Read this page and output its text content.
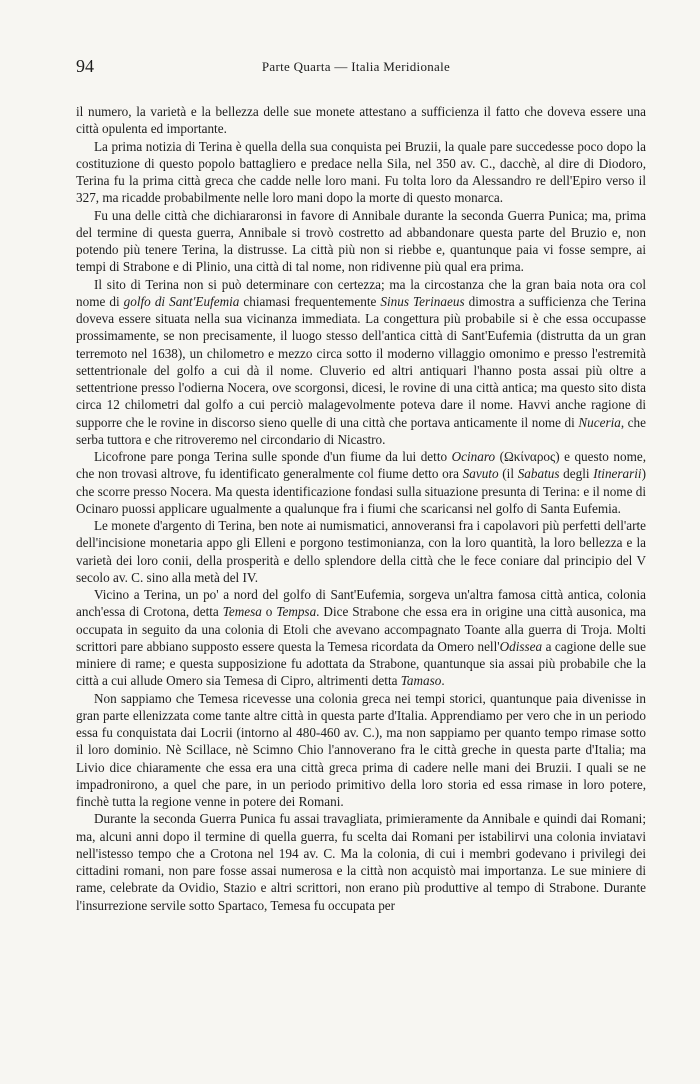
94	Parte Quarta — Italia Meridionale

il numero, la varietà e la bellezza delle sue monete attestano a sufficienza il fatto che doveva essere una città opulenta ed importante.

La prima notizia di Terina è quella della sua conquista pei Bruzii, la quale pare succedesse poco dopo la costituzione di questo popolo battagliero e predace nella Sila, nel 350 av. C., dacchè, al dire di Diodoro, Terina fu la prima città greca che cadde nelle loro mani. Fu tolta loro da Alessandro re dell'Epiro verso il 327, ma ricadde probabilmente nelle loro mani dopo la morte di questo monarca.

Fu una delle città che dichiararonsi in favore di Annibale durante la seconda Guerra Punica; ma, prima del termine di questa guerra, Annibale si trovò costretto ad abbandonare questa parte del Bruzio e, non potendo più tenere Terina, la distrusse. La città più non si riebbe e, quantunque paia vi fosse sempre, ai tempi di Strabone e di Plinio, una città di tal nome, non ridivenne più qual era prima.

Il sito di Terina non si può determinare con certezza; ma la circostanza che la gran baia nota ora col nome di golfo di Sant'Eufemia chiamasi frequentemente Sinus Terinaeus dimostra a sufficienza che Terina doveva essere situata nella sua vicinanza immediata. La congettura più probabile si è che essa occupasse prossimamente, se non precisamente, il luogo stesso dell'antica città di Sant'Eufemia (distrutta da un gran terremoto nel 1638), un chilometro e mezzo circa sotto il moderno villaggio omonimo e presso l'estremità settentrionale del golfo a cui dà il nome. Cluverio ed altri antiquari l'hanno posta assai più oltre a settentrione presso l'odierna Nocera, ove scorgonsi, dicesi, le rovine di una città antica; ma questo sito dista circa 12 chilometri dal golfo a cui perciò malagevolmente poteva dare il nome. Havvi anche ragione di supporre che le rovine in discorso sieno quelle di una città che portava anticamente il nome di Nuceria, che serba tuttora e che ritroveremo nel circondario di Nicastro.

Licofrone pare ponga Terina sulle sponde d'un fiume da lui detto Ocinaro (Ωκίναρος) e questo nome, che non trovasi altrove, fu identificato generalmente col fiume detto ora Savuto (il Sabatus degli Itinerarii) che scorre presso Nocera. Ma questa identificazione fondasi sulla situazione presunta di Terina: e il nome di Ocinaro puossi applicare ugualmente a qualunque fra i fiumi che scaricansi nel golfo di Santa Eufemia.

Le monete d'argento di Terina, ben note ai numismatici, annoveransi fra i capolavori più perfetti dell'arte dell'incisione monetaria appo gli Elleni e porgono testimonianza, con la loro quantità, la loro bellezza e la varietà dei loro conii, della prosperità e dello splendore della città che le fece coniare dal principio del V secolo av. C. sino alla metà del IV.

Vicino a Terina, un po' a nord del golfo di Sant'Eufemia, sorgeva un'altra famosa città antica, colonia anch'essa di Crotona, detta Temesa o Tempsa. Dice Strabone che essa era in origine una città ausonica, ma occupata in seguito da una colonia di Etoli che avevano accompagnato Toante alla guerra di Troja. Molti scrittori pare abbiano supposto essere questa la Temesa ricordata da Omero nell'Odissea a cagione delle sue miniere di rame; e questa supposizione fu adottata da Strabone, quantunque sia assai più probabile che la città a cui allude Omero sia Temesa di Cipro, altrimenti detta Tamaso.

Non sappiamo che Temesa ricevesse una colonia greca nei tempi storici, quantunque paia divenisse in gran parte ellenizzata come tante altre città in questa parte d'Italia. Apprendiamo per vero che in un periodo essa fu conquistata dai Locrii (intorno al 480-460 av. C.), ma non sappiamo per quanto tempo rimase sotto il loro dominio. Nè Scillace, nè Scimno Chio l'annoverano fra le città greche in questa parte d'Italia; ma Livio dice chiaramente che essa era una città greca prima di cadere nelle mani dei Bruzii. I quali se ne impadronirono, a quel che pare, in un periodo primitivo della loro storia ed essa rimase in loro potere, finchè tutta la regione venne in potere dei Romani.

Durante la seconda Guerra Punica fu assai travagliata, primieramente da Annibale e quindi dai Romani; ma, alcuni anni dopo il termine di quella guerra, fu scelta dai Romani per istabilirvi una colonia inviatavi nell'istesso tempo che a Crotona nel 194 av. C. Ma la colonia, di cui i membri godevano i privilegi dei cittadini romani, non pare fosse assai numerosa e la città non acquistò mai importanza. Le sue miniere di rame, celebrate da Ovidio, Stazio e altri scrittori, non erano più produttive al tempo di Strabone. Durante l'insurrezione servile sotto Spartaco, Temesa fu occupata per
